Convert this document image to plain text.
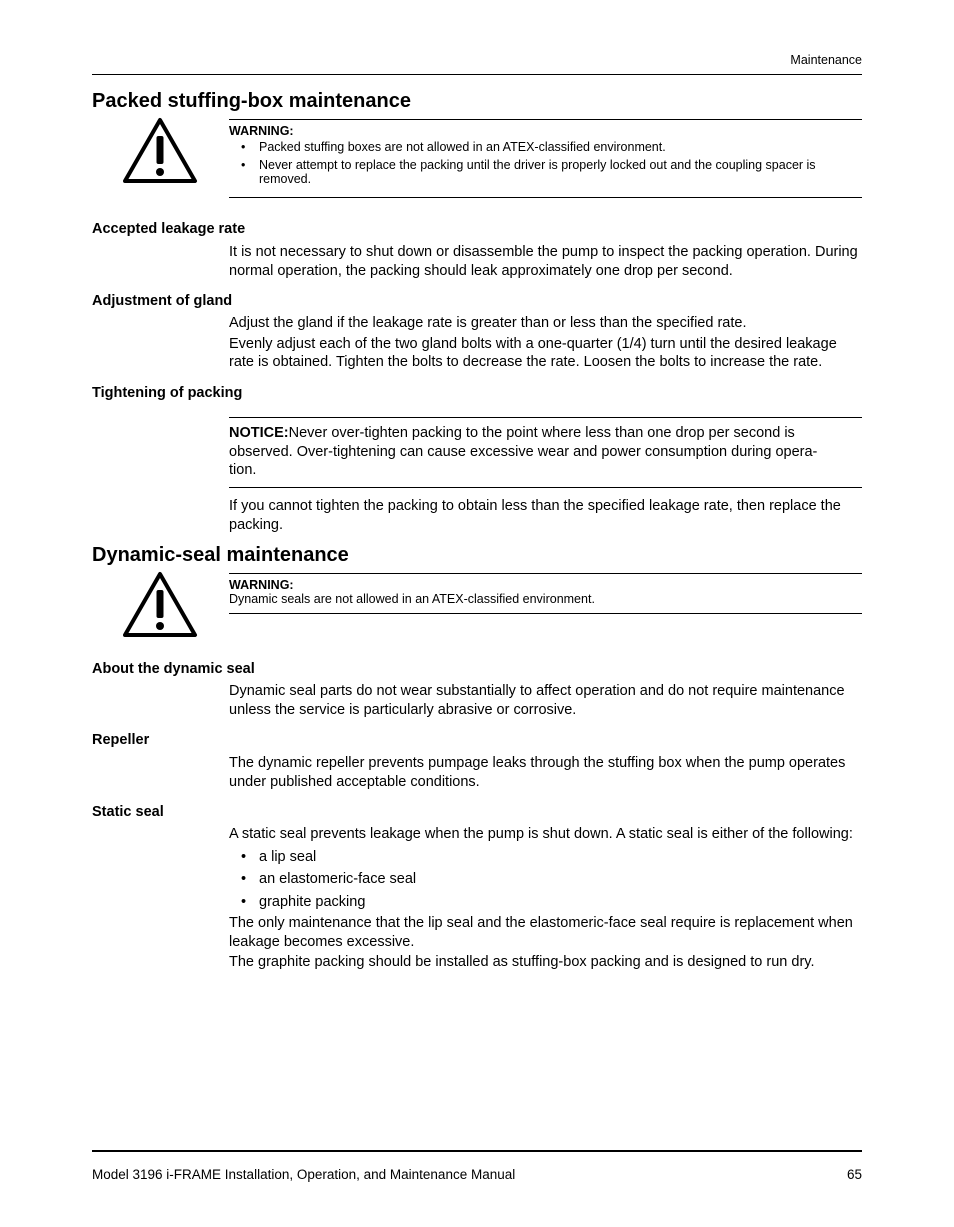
Maintenance
Packed stuffing-box maintenance
WARNING:
• Packed stuffing boxes are not allowed in an ATEX-classified environment.
• Never attempt to replace the packing until the driver is properly locked out and the coupling spacer is removed.
Accepted leakage rate

It is not necessary to shut down or disassemble the pump to inspect the packing operation. During normal operation, the packing should leak approximately one drop per second.

Adjustment of gland

Adjust the gland if the leakage rate is greater than or less than the specified rate.

Evenly adjust each of the two gland bolts with a one-quarter (1/4) turn until the desired leakage rate is obtained. Tighten the bolts to decrease the rate. Loosen the bolts to increase the rate.

Tightening of packing
NOTICE:Never over-tighten packing to the point where less than one drop per second is observed. Over-tightening can cause excessive wear and power consumption during opera-tion.

If you cannot tighten the packing to obtain less than the specified leakage rate, then replace the packing.

Dynamic-seal maintenance
WARNING:
Dynamic seals are not allowed in an ATEX-classified environment.
About the dynamic seal

Dynamic seal parts do not wear substantially to affect operation and do not require maintenance unless the service is particularly abrasive or corrosive.

Repeller

The dynamic repeller prevents pumpage leaks through the stuffing box when the pump operates under published acceptable conditions.

Static seal

A static seal prevents leakage when the pump is shut down. A static seal is either of the following:

• a lip seal
• an elastomeric-face seal
• graphite packing

The only maintenance that the lip seal and the elastomeric-face seal require is replacement when leakage becomes excessive.

The graphite packing should be installed as stuffing-box packing and is designed to run dry.

Model 3196 i-FRAME Installation, Operation, and Maintenance Manual	65
